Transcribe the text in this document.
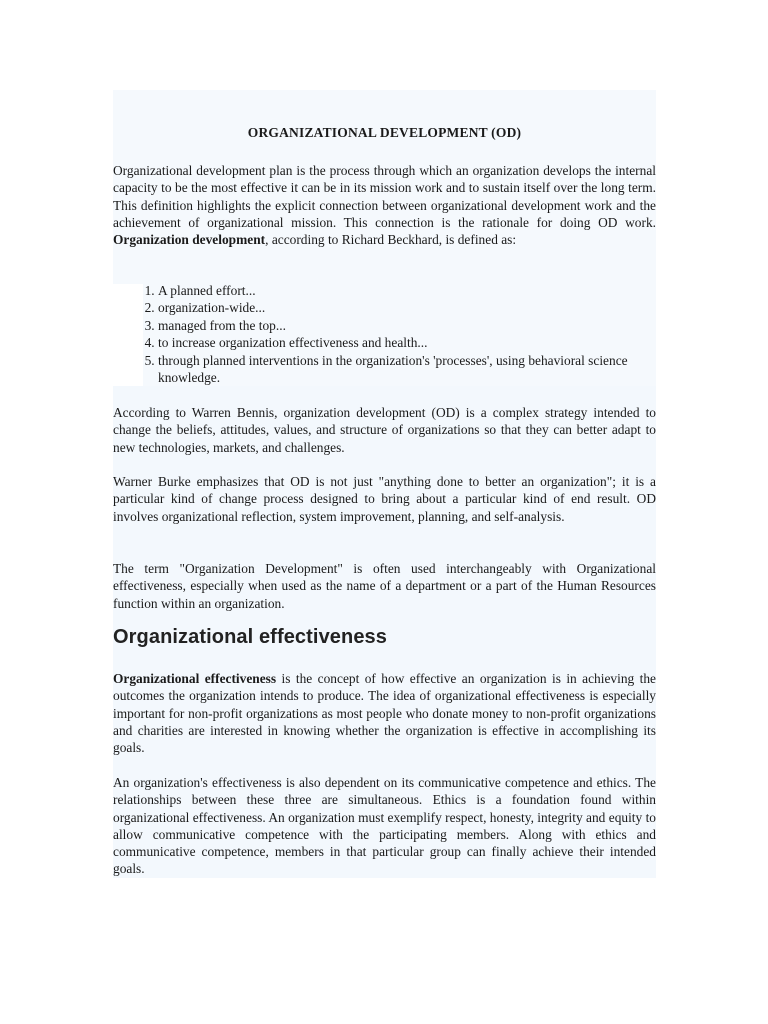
ORGANIZATIONAL DEVELOPMENT (OD)

Organizational development plan is the process through which an organization develops the internal capacity to be the most effective it can be in its mission work and to sustain itself over the long term. This definition highlights the explicit connection between organizational development work and the achievement of organizational mission. This connection is the rationale for doing OD work. Organization development, according to Richard Beckhard, is defined as:

1. A planned effort...
2. organization-wide...
3. managed from the top...
4. to increase organization effectiveness and health...
5. through planned interventions in the organization's 'processes', using behavioral science knowledge.

According to Warren Bennis, organization development (OD) is a complex strategy intended to change the beliefs, attitudes, values, and structure of organizations so that they can better adapt to new technologies, markets, and challenges.

Warner Burke emphasizes that OD is not just "anything done to better an organization"; it is a particular kind of change process designed to bring about a particular kind of end result. OD involves organizational reflection, system improvement, planning, and self-analysis.

The term "Organization Development" is often used interchangeably with Organizational effectiveness, especially when used as the name of a department or a part of the Human Resources function within an organization.

Organizational effectiveness

Organizational effectiveness is the concept of how effective an organization is in achieving the outcomes the organization intends to produce. The idea of organizational effectiveness is especially important for non-profit organizations as most people who donate money to non-profit organizations and charities are interested in knowing whether the organization is effective in accomplishing its goals.

An organization's effectiveness is also dependent on its communicative competence and ethics. The relationships between these three are simultaneous. Ethics is a foundation found within organizational effectiveness. An organization must exemplify respect, honesty, integrity and equity to allow communicative competence with the participating members. Along with ethics and communicative competence, members in that particular group can finally achieve their intended goals.
